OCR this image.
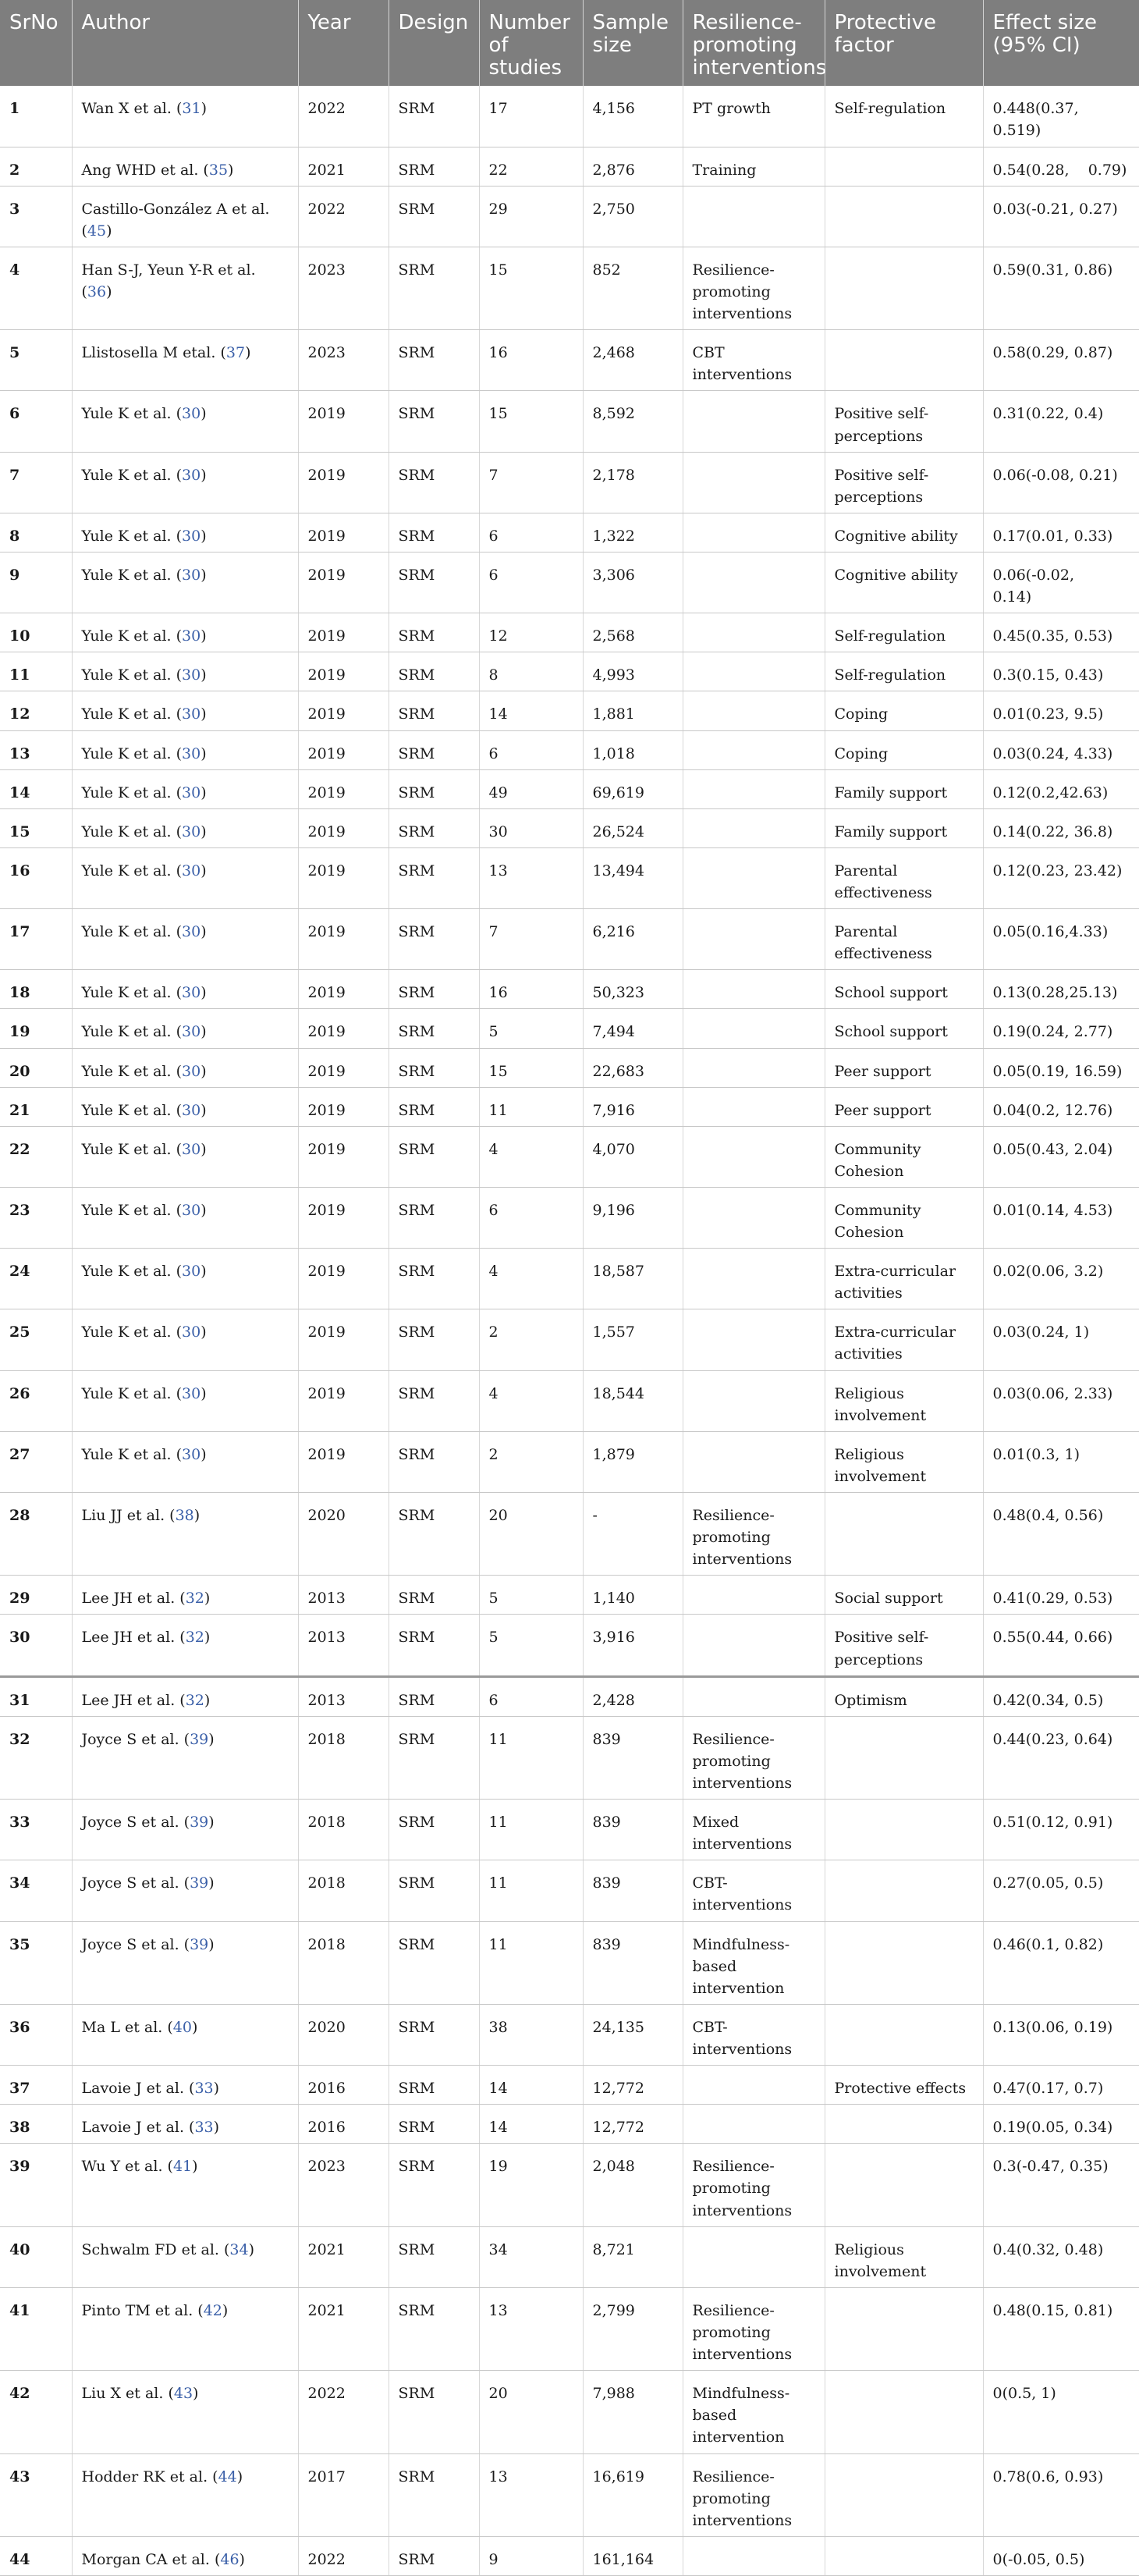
SrNo	Author	Year	Design	Number of studies	Sample size	Resilience-promoting interventions	Protective factor	Effect size (95% CI)
1	Wan X et al. (31)	2022	SRM	17	4,156	PT growth	Self-regulation	0.448(0.37, 0.519)
2	Ang WHD et al. (35)	2021	SRM	22	2,876	Training		0.54(0.28,    0.79)
3	Castillo-González A et al. (45)	2022	SRM	29	2,750			0.03(-0.21, 0.27)
4	Han S-J, Yeun Y-R et al. (36)	2023	SRM	15	852	Resilience-promoting interventions		0.59(0.31, 0.86)
5	Llistosella M etal. (37)	2023	SRM	16	2,468	CBT interventions		0.58(0.29, 0.87)
6	Yule K et al. (30)	2019	SRM	15	8,592		Positive self-perceptions	0.31(0.22, 0.4)
7	Yule K et al. (30)	2019	SRM	7	2,178		Positive self-perceptions	0.06(-0.08, 0.21)
8	Yule K et al. (30)	2019	SRM	6	1,322		Cognitive ability	0.17(0.01, 0.33)
9	Yule K et al. (30)	2019	SRM	6	3,306		Cognitive ability	0.06(-0.02,    0.14)
10	Yule K et al. (30)	2019	SRM	12	2,568		Self-regulation	0.45(0.35, 0.53)
11	Yule K et al. (30)	2019	SRM	8	4,993		Self-regulation	0.3(0.15, 0.43)
12	Yule K et al. (30)	2019	SRM	14	1,881		Coping	0.01(0.23, 9.5)
13	Yule K et al. (30)	2019	SRM	6	1,018		Coping	0.03(0.24, 4.33)
14	Yule K et al. (30)	2019	SRM	49	69,619		Family support	0.12(0.2,42.63)
15	Yule K et al. (30)	2019	SRM	30	26,524		Family support	0.14(0.22, 36.8)
16	Yule K et al. (30)	2019	SRM	13	13,494		Parental effectiveness	0.12(0.23, 23.42)
17	Yule K et al. (30)	2019	SRM	7	6,216		Parental effectiveness	0.05(0.16,4.33)
18	Yule K et al. (30)	2019	SRM	16	50,323		School support	0.13(0.28,25.13)
19	Yule K et al. (30)	2019	SRM	5	7,494		School support	0.19(0.24, 2.77)
20	Yule K et al. (30)	2019	SRM	15	22,683		Peer support	0.05(0.19, 16.59)
21	Yule K et al. (30)	2019	SRM	11	7,916		Peer support	0.04(0.2, 12.76)
22	Yule K et al. (30)	2019	SRM	4	4,070		Community Cohesion	0.05(0.43, 2.04)
23	Yule K et al. (30)	2019	SRM	6	9,196		Community Cohesion	0.01(0.14, 4.53)
24	Yule K et al. (30)	2019	SRM	4	18,587		Extra-curricular activities	0.02(0.06, 3.2)
25	Yule K et al. (30)	2019	SRM	2	1,557		Extra-curricular activities	0.03(0.24, 1)
26	Yule K et al. (30)	2019	SRM	4	18,544		Religious involvement	0.03(0.06, 2.33)
27	Yule K et al. (30)	2019	SRM	2	1,879		Religious involvement	0.01(0.3, 1)
28	Liu JJ et al. (38)	2020	SRM	20	-	Resilience-promoting interventions		0.48(0.4, 0.56)
29	Lee JH et al. (32)	2013	SRM	5	1,140		Social support	0.41(0.29, 0.53)
30	Lee JH et al. (32)	2013	SRM	5	3,916		Positive self-perceptions	0.55(0.44, 0.66)
31	Lee JH et al. (32)	2013	SRM	6	2,428		Optimism	0.42(0.34, 0.5)
32	Joyce S et al. (39)	2018	SRM	11	839	Resilience-promoting interventions		0.44(0.23, 0.64)
33	Joyce S et al. (39)	2018	SRM	11	839	Mixed interventions		0.51(0.12, 0.91)
34	Joyce S et al. (39)	2018	SRM	11	839	CBT-interventions		0.27(0.05, 0.5)
35	Joyce S et al. (39)	2018	SRM	11	839	Mindfulness-based intervention		0.46(0.1, 0.82)
36	Ma L et al. (40)	2020	SRM	38	24,135	CBT-interventions		0.13(0.06, 0.19)
37	Lavoie J et al. (33)	2016	SRM	14	12,772		Protective effects	0.47(0.17, 0.7)
38	Lavoie J et al. (33)	2016	SRM	14	12,772			0.19(0.05, 0.34)
39	Wu Y et al. (41)	2023	SRM	19	2,048	Resilience-promoting interventions		0.3(-0.47, 0.35)
40	Schwalm FD et al. (34)	2021	SRM	34	8,721		Religious involvement	0.4(0.32, 0.48)
41	Pinto TM et al. (42)	2021	SRM	13	2,799	Resilience-promoting interventions		0.48(0.15, 0.81)
42	Liu X et al. (43)	2022	SRM	20	7,988	Mindfulness-based intervention		0(0.5, 1)
43	Hodder RK et al. (44)	2017	SRM	13	16,619	Resilience-promoting interventions		0.78(0.6, 0.93)
44	Morgan CA et al. (46)	2022	SRM	9	161,164			0(-0.05, 0.5)
